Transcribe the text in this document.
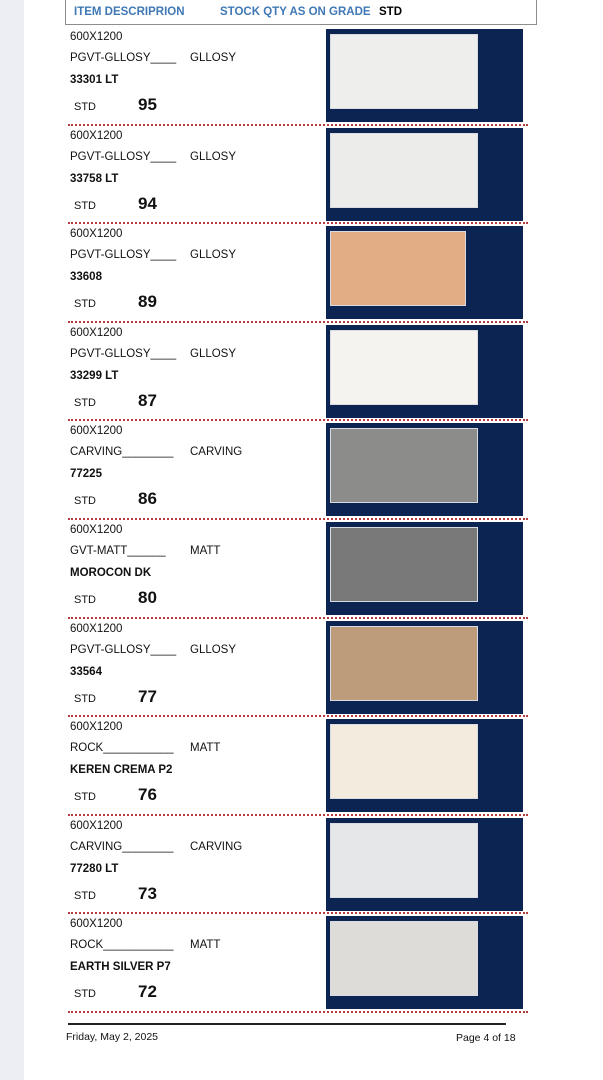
ITEM DESCRIPRION	STOCK QTY AS ON GRADE STD
600X1200
PGVT-GLLOSY____ GLLOSY
33301 LT
STD 95
600X1200
PGVT-GLLOSY____ GLLOSY
33758 LT
STD 94
600X1200
PGVT-GLLOSY____ GLLOSY
33608
STD 89
600X1200
PGVT-GLLOSY____ GLLOSY
33299 LT
STD 87
600X1200
CARVING________ CARVING
77225
STD 86
600X1200
GVT-MATT______ MATT
MOROCON DK
STD 80
600X1200
PGVT-GLLOSY____ GLLOSY
33564
STD 77
600X1200
ROCK___________ MATT
KEREN CREMA P2
STD 76
600X1200
CARVING________ CARVING
77280 LT
STD 73
600X1200
ROCK___________ MATT
EARTH SILVER P7
STD 72
Friday, May 2, 2025	Page 4 of 18
